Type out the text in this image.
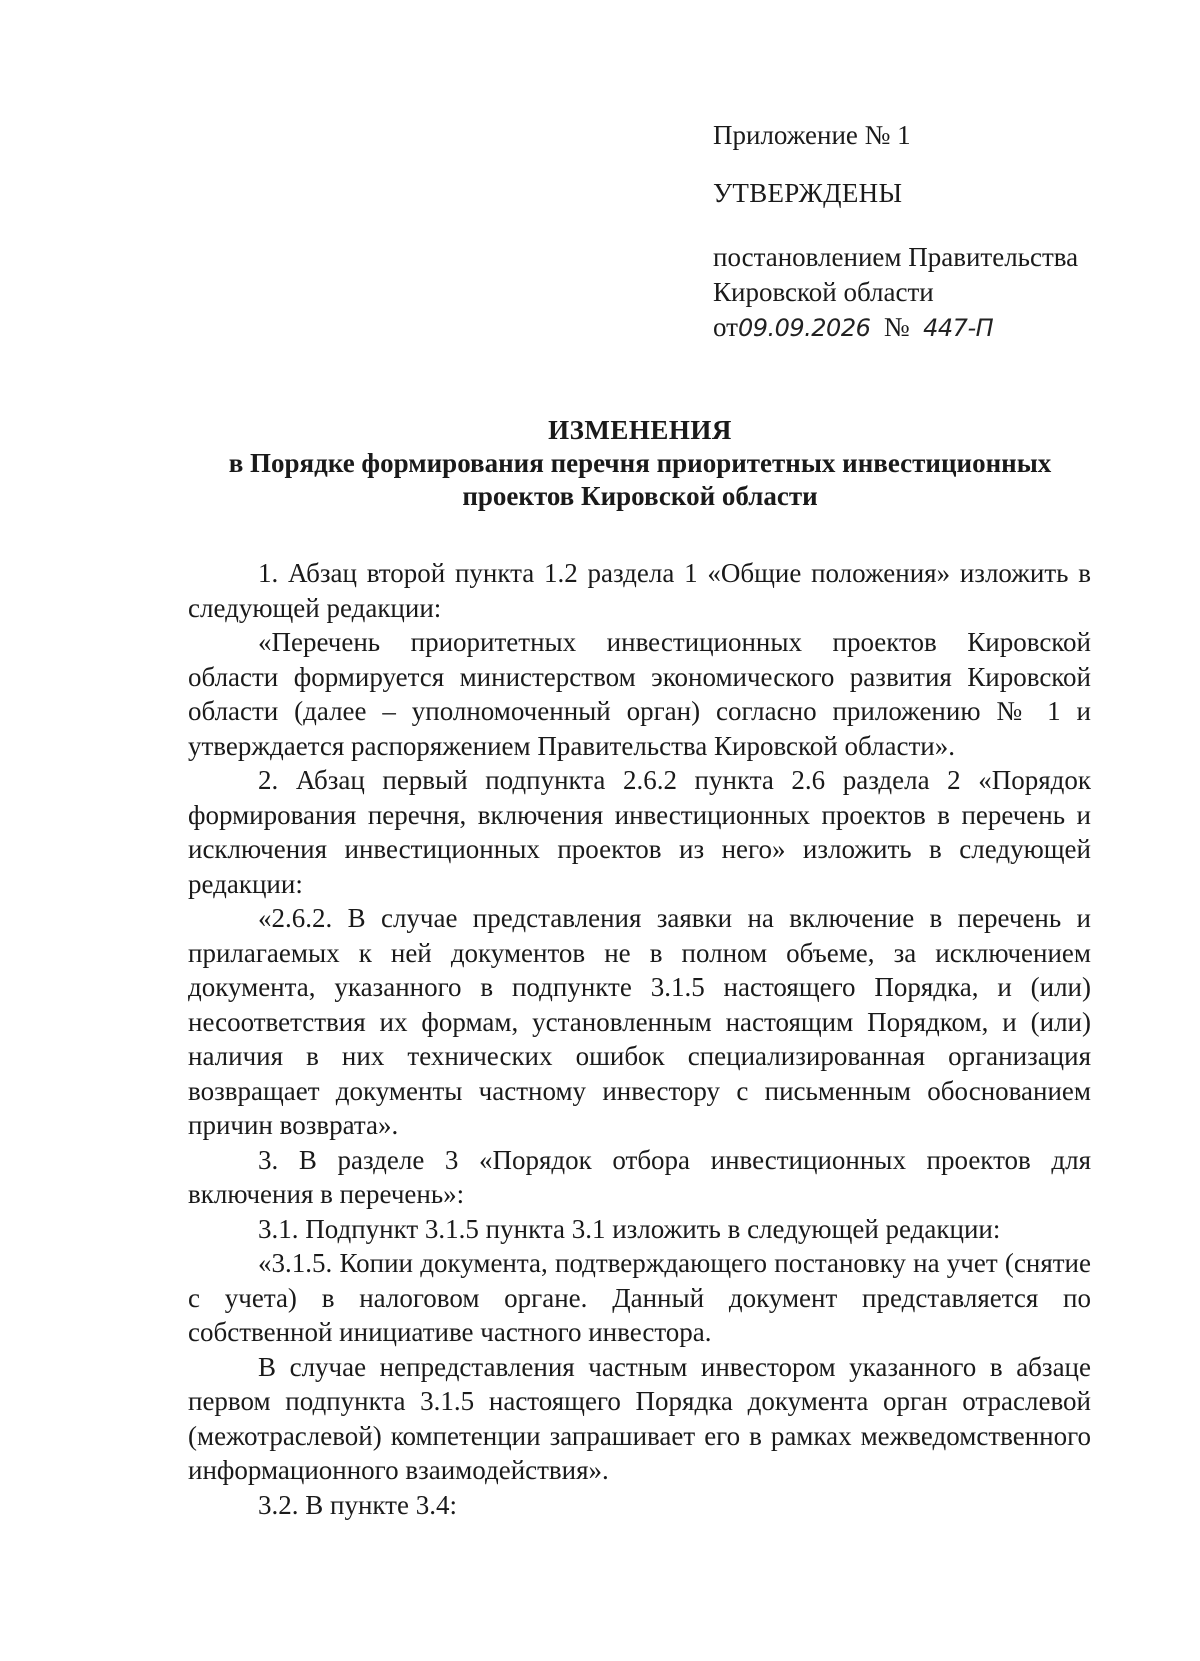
Приложение № 1

УТВЕРЖДЕНЫ

постановлением Правительства

Кировской области

от09.09.2026 № 447-П

ИЗМЕНЕНИЯ
в Порядке формирования перечня приоритетных инвестиционных
проектов Кировской области

1. Абзац второй пункта 1.2 раздела 1 «Общие положения» изложить в следующей редакции:

«Перечень приоритетных инвестиционных проектов Кировской области формируется министерством экономического развития Кировской области (далее – уполномоченный орган) согласно приложению № 1 и утверждается распоряжением Правительства Кировской области».

2. Абзац первый подпункта 2.6.2 пункта 2.6 раздела 2 «Порядок формирования перечня, включения инвестиционных проектов в перечень и исключения инвестиционных проектов из него» изложить в следующей редакции:

«2.6.2. В случае представления заявки на включение в перечень и прилагаемых к ней документов не в полном объеме, за исключением документа, указанного в подпункте 3.1.5 настоящего Порядка, и (или) несоответствия их формам, установленным настоящим Порядком, и (или) наличия в них технических ошибок специализированная организация возвращает документы частному инвестору с письменным обоснованием причин возврата».

3. В разделе 3 «Порядок отбора инвестиционных проектов для включения в перечень»:

3.1. Подпункт 3.1.5 пункта 3.1 изложить в следующей редакции:

«3.1.5. Копии документа, подтверждающего постановку на учет (снятие с учета) в налоговом органе. Данный документ представляется по собственной инициативе частного инвестора.

В случае непредставления частным инвестором указанного в абзаце первом подпункта 3.1.5 настоящего Порядка документа орган отраслевой (межотраслевой) компетенции запрашивает его в рамках межведомственного информационного взаимодействия».

3.2. В пункте 3.4:
